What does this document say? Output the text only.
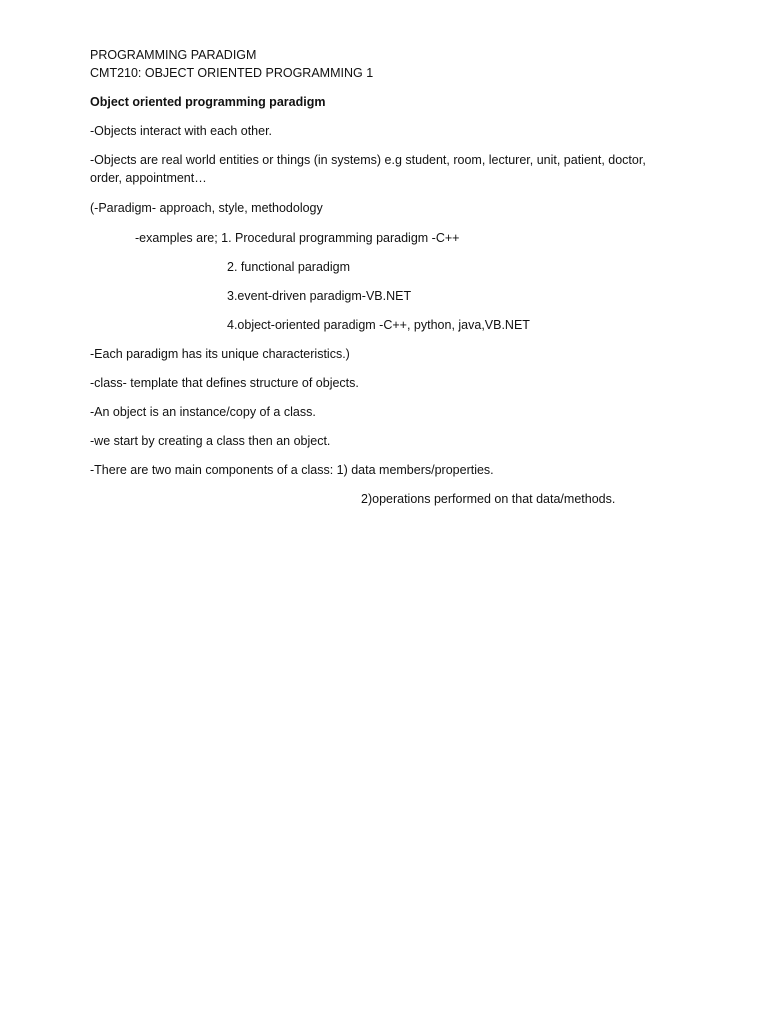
PROGRAMMING PARADIGM
CMT210: OBJECT ORIENTED PROGRAMMING 1
Object oriented programming paradigm
-Objects interact with each other.
-Objects are real world entities or things (in systems) e.g student, room, lecturer, unit, patient, doctor, order, appointment…
(-Paradigm- approach, style, methodology
-examples are; 1. Procedural programming paradigm -C++
2. functional paradigm
3.event-driven paradigm-VB.NET
4.object-oriented paradigm -C++, python, java,VB.NET
-Each paradigm has its unique characteristics.)
-class- template that defines structure of objects.
-An object is an instance/copy of a class.
-we start by creating a class then an object.
-There are two main components of a class: 1) data members/properties.
2)operations performed on that data/methods.
